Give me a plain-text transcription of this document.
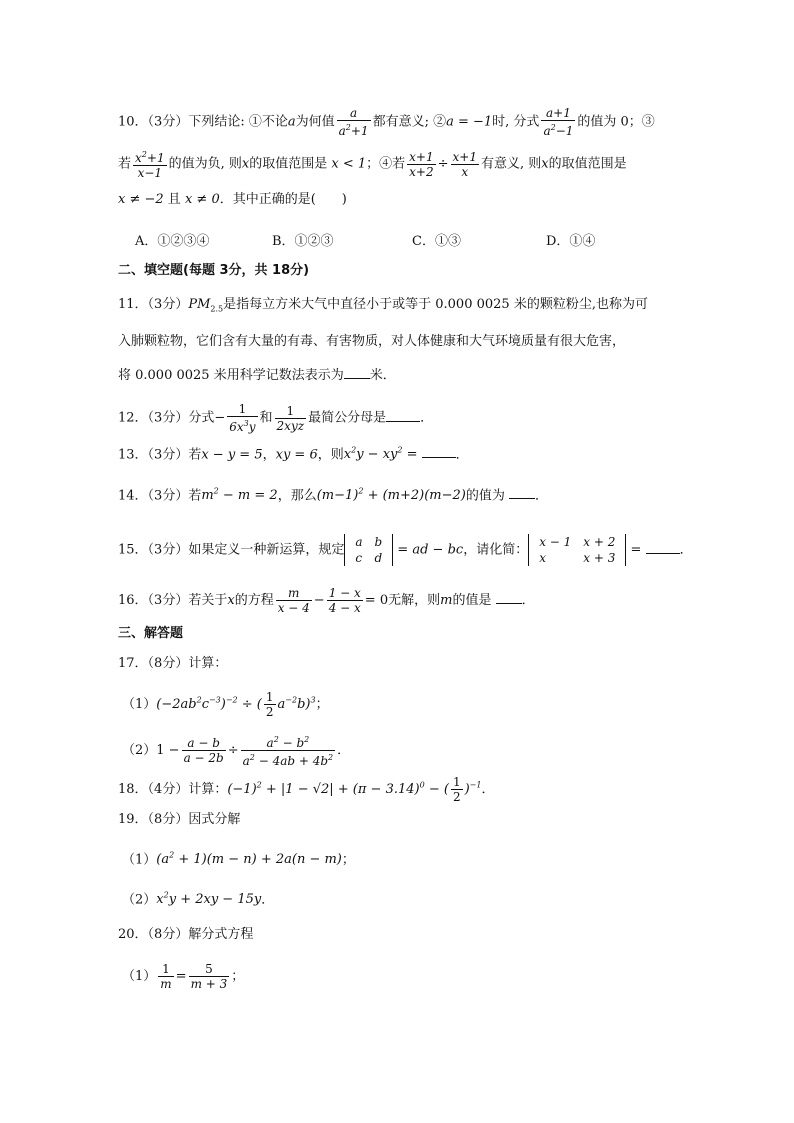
10．（3分）下列结论: ①不论a为何值 $\frac{a}{a^2+1}$ 都有意义; ②a = −1时, 分式 $\frac{a+1}{a^2-1}$ 的值为 0；③
若 $\frac{x^2+1}{x-1}$ 的值为负, 则x的取值范围是 x < 1；④若 $\frac{x+1}{x+2} \div \frac{x+1}{x}$ 有意义, 则x的取值范围是
x ≠ −2 且 x ≠ 0．其中正确的是(　　)
A．①②③④	B．①②③	C．①③	D．①④
二、填空题(每题 3分，共 18分)
11．（3分）$PM_{2.5}$是指每立方米大气中直径小于或等于 0.000 0025 米的颗粒粉尘,也称为可
入肺颗粒物，它们含有大量的有毒、有害物质，对人体健康和大气环境质量有很大危害，
将 0.000 0025 米用科学记数法表示为 米．
12．（3分）分式− $\frac{1}{6x^3y}$ 和 $\frac{1}{\text{2xyz}}$ 最简公分母是	．
13．（3分）若x − y = 5，xy = 6，则$x^2y - xy^2$ =	．
14．（3分）若$m^2 - m = 2$，那么$(m-1)^2 + (m+2)(m-2)$的值为 ．
15．（3分）如果定义一种新运算，规定
a	b
c	d
= ad − bc，请化简：
x − 1	x + 2
x	x + 3
=	．
16．（3分）若关于x的方程 $\frac{m}{x - 4} - \frac{1 - x}{4 - x} = 0$无解，则m的值是 ．
三、解答题
17．（8分）计算：
$(1)(-2ab^2c^{-3})^{-2}$ ÷ ( $\frac{1}{2} a^{-2}b)^3$；
$(2)1 - \frac{a - b}{a - 2b} \div \frac{a^2 - b^2}{a^2 - 4ab + 4b^2}$ ．
18．（4分）计算：$(-1)^2 + |1 - √2| + (\pi - 3.14)^0$ − ( $\frac{1}{2} )^{-1}$．
19．（8分）因式分解
$(1)(a^2 + 1)(m - n) + 2a(n - m)$；
$(2)x^2y + 2xy - 15y$．
20．（8分）解分式方程
$(1) \frac{1}{m} = \frac{5}{m + 3}$ ；
